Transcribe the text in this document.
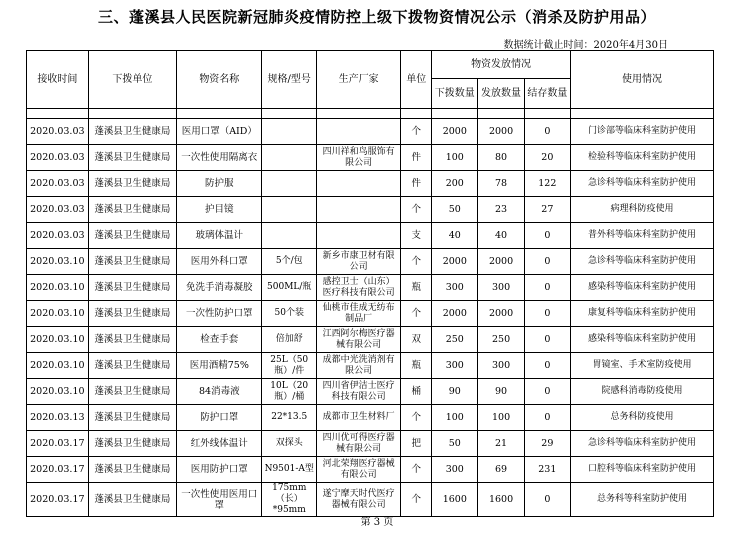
三、蓬溪县人民医院新冠肺炎疫情防控上级下拨物资情况公示（消杀及防护用品）
数据统计截止时间：2020年4月30日
接收时间	下拨单位	物资名称	规格/型号	生产厂家	单位	物资发放情况			使用情况
						下拨数量	发放数量	结存数量	

2020.03.03	蓬溪县卫生健康局	医用口罩（AID）			个	2000	2000	0	门诊部等临床科室防护使用
2020.03.03	蓬溪县卫生健康局	一次性使用隔离衣		四川祥和鸟服饰有限公司	件	100	80	20	检验科等临床科室防护使用
2020.03.03	蓬溪县卫生健康局	防护服			件	200	78	122	急诊科等临床科室防护使用
2020.03.03	蓬溪县卫生健康局	护目镜			个	50	23	27	病理科防疫使用
2020.03.03	蓬溪县卫生健康局	玻璃体温计			支	40	40	0	普外科等临床科室防护使用
2020.03.10	蓬溪县卫生健康局	医用外科口罩	5个/包	新乡市康卫材有限公司	个	2000	2000	0	急诊科等临床科室防护使用
2020.03.10	蓬溪县卫生健康局	免洗手消毒凝胶	500ML/瓶	感控卫士（山东）医疗科技有限公司	瓶	300	300	0	感染科等临床科室防护使用
2020.03.10	蓬溪县卫生健康局	一次性防护口罩	50个装	仙桃市佳成无纺布制品厂	个	2000	2000	0	康复科等临床科室防护使用
2020.03.10	蓬溪县卫生健康局	检查手套	倍加舒	江西阿尔梅医疗器械有限公司	双	250	250	0	感染科等临床科室防护使用
2020.03.10	蓬溪县卫生健康局	医用酒精75%	25L（50瓶）/件	成都中光洗消剂有限公司	瓶	300	300	0	胃镜室、手术室防疫使用
2020.03.10	蓬溪县卫生健康局	84消毒液	10L（20瓶）/桶	四川省伊洁士医疗科技有限公司	桶	90	90	0	院感科消毒防疫使用
2020.03.13	蓬溪县卫生健康局	防护口罩	22*13.5	成都市卫生材料厂	个	100	100	0	总务科防疫使用
2020.03.17	蓬溪县卫生健康局	红外线体温计	双探头	四川优可得医疗器械有限公司	把	50	21	29	急诊科等临床科室防护使用
2020.03.17	蓬溪县卫生健康局	医用防护口罩	N9501-A型	河北荣翔医疗器械有限公司	个	300	69	231	口腔科等临床科室防护使用
2020.03.17	蓬溪县卫生健康局	一次性使用医用口罩	175mm（长）*95mm	遂宁摩天时代医疗器械有限公司	个	1600	1600	0	总务科等科室防护使用
第 3 页
